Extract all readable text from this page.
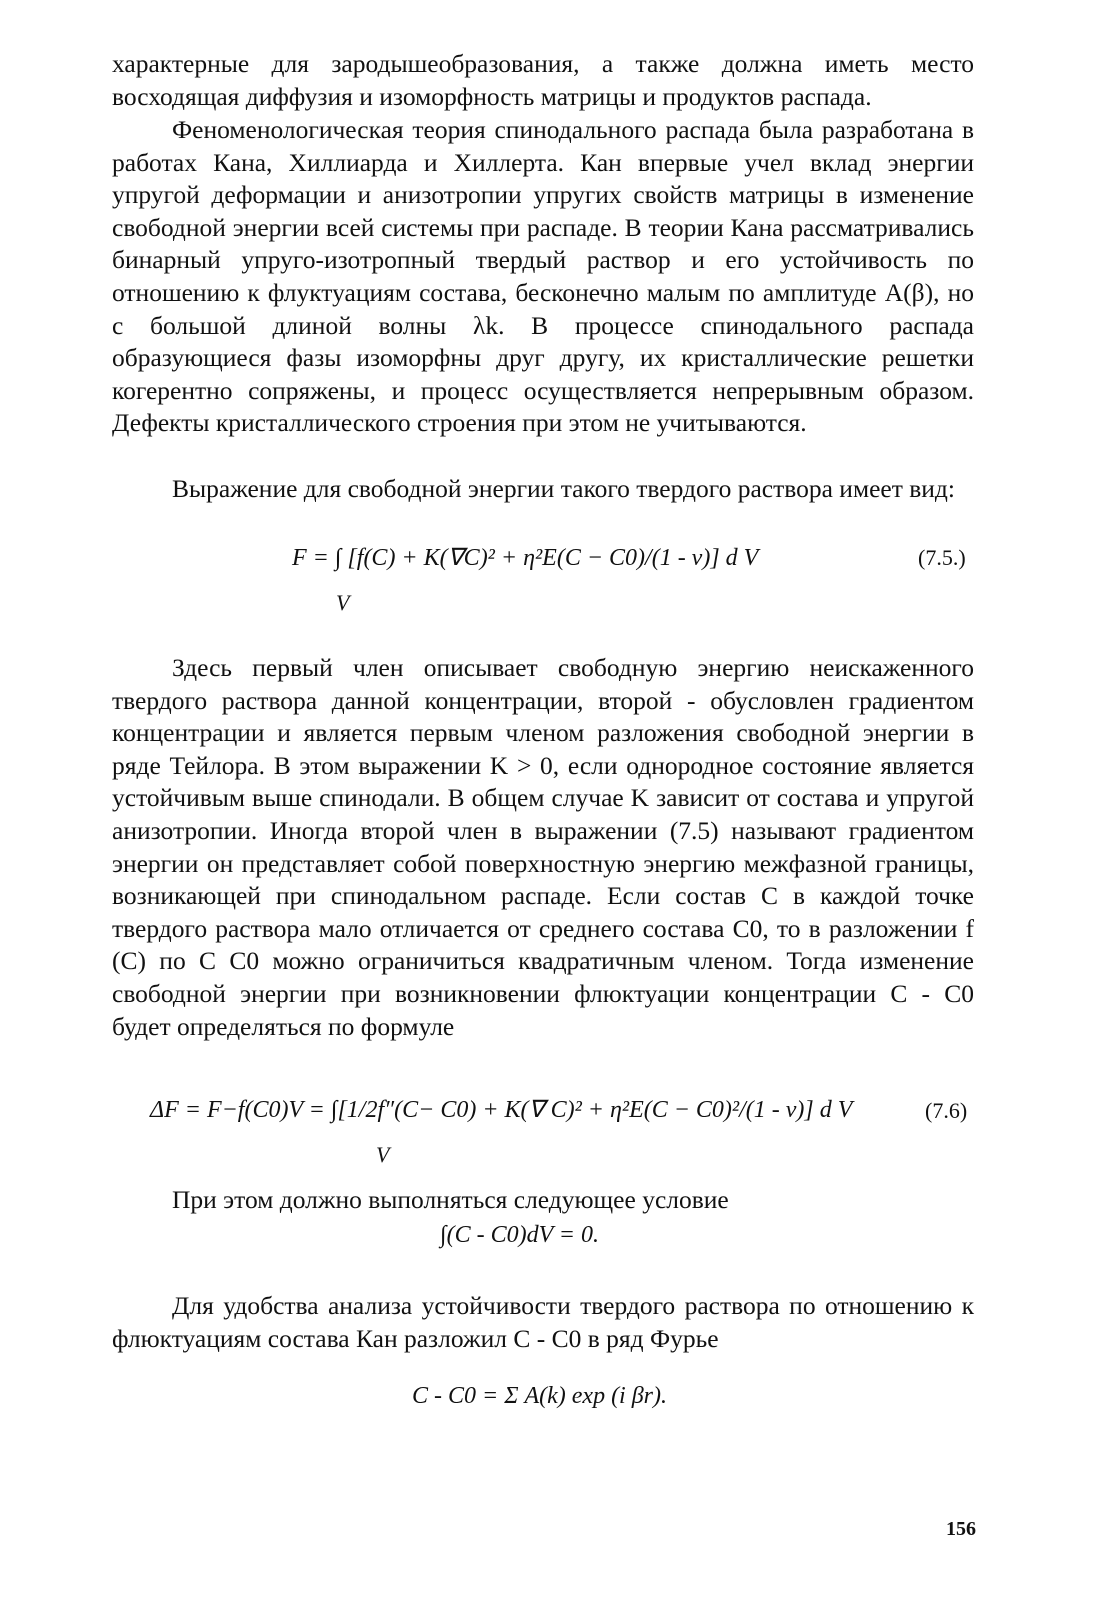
характерные для зародышеобразования, а также должна иметь место восходящая диффузия и изоморфность матрицы и продуктов распада.

Феноменологическая теория спинодального распада была разработана в работах Кана, Хиллиарда и Хиллерта. Кан впервые учел вклад энергии упругой деформации и анизотропии упругих свойств матрицы в изменение свободной энергии всей системы при распаде. В теории Кана рассматривались бинарный упруго-изотропный твердый раствор и его устойчивость по отношению к флуктуациям состава, бесконечно малым по амплитуде A(β), но с большой длиной волны λk. В процессе спинодального распада образующиеся фазы изоморфны друг другу, их кристаллические решетки когерентно сопряжены, и процесс осуществляется непрерывным образом. Дефекты кристаллического строения при этом не учитываются.

Выражение для свободной энергии такого твердого раствора имеет вид:

F = ∫ [f(C) + K(∇C)² + η²E(C − C0)/(1 - ν)] d V
V
(7.5.)

Здесь первый член описывает свободную энергию неискаженного твердого раствора данной концентрации, второй - обусловлен градиентом концентрации и является первым членом разложения свободной энергии в ряде Тейлора. В этом выражении K > 0, если однородное состояние является устойчивым выше спинодали. В общем случае K зависит от состава и упругой анизотропии. Иногда второй член в выражении (7.5) называют градиентом энергии он представляет собой поверхностную энергию межфазной границы, возникающей при спинодальном распаде. Если состав C в каждой точке твердого раствора мало отличается от среднего состава C0, то в разложении f (C) по C C0 можно ограничиться квадратичным членом. Тогда изменение свободной энергии при возникновении флюктуации концентрации C - C0 будет определяться по формуле

ΔF = F−f(C0)V = ∫[1/2f″(C− C0) + K(∇ C)² + η²E(C − C0)²/(1 - ν)] d V
V
(7.6)
При этом должно выполняться следующее условие
∫(C - C0)dV = 0.

Для удобства анализа устойчивости твердого раствора по отношению к флюктуациям состава Кан разложил C - C0 в ряд Фурье

C - C0 = Σ A(k) exp (i βr).
156
